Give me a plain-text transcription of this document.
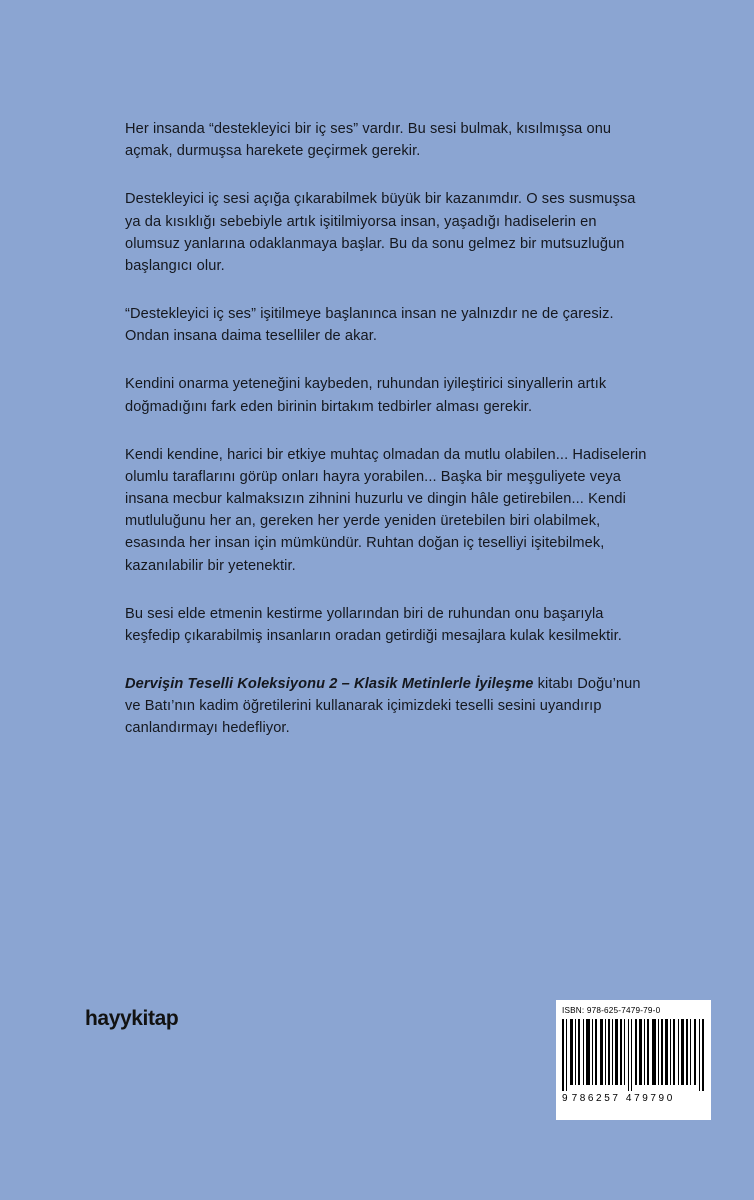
Her insanda “destekleyici bir iç ses” vardır. Bu sesi bulmak, kısılmışsa onu açmak, durmuşsa harekete geçirmek gerekir.

Destekleyici iç sesi açığa çıkarabilmek büyük bir kazanımdır. O ses susmuşsa ya da kısıklığı sebebiyle artık işitilmiyorsa insan, yaşadığı hadiselerin en olumsuz yanlarına odaklanmaya başlar. Bu da sonu gelmez bir mutsuzluğun başlangıcı olur.

“Destekleyici iç ses” işitilmeye başlanınca insan ne yalnızdır ne de çaresiz. Ondan insana daima teselliler de akar.

Kendini onarma yeteneğini kaybeden, ruhundan iyileştirici sinyallerin artık doğmadığını fark eden birinin birtakım tedbirler alması gerekir.

Kendi kendine, harici bir etkiye muhtaç olmadan da mutlu olabilen... Hadiselerin olumlu taraflarını görüp onları hayra yorabilen... Başka bir meşguliyete veya insana mecbur kalmaksızın zihnini huzurlu ve dingin hâle getirebilen... Kendi mutluluğunu her an, gereken her yerde yeniden üretebilen biri olabilmek, esasında her insan için mümkündür. Ruhtan doğan iç teselliyi işitebilmek, kazanılabilir bir yetenektir.

Bu sesi elde etmenin kestirme yollarından biri de ruhundan onu başarıyla keşfedip çıkarabilmiş insanların oradan getirdiği mesajlara kulak kesilmektir.

Dervişin Teselli Koleksiyonu 2 – Klasik Metinlerle İyileşme kitabı Doğu’nun ve Batı’nın kadim öğretilerini kullanarak içimizdeki teselli sesini uyandırıp canlandırmayı hedefliyor.

hayykitap	ISBN: 978-625-7479-79-0
9 786257 479790
